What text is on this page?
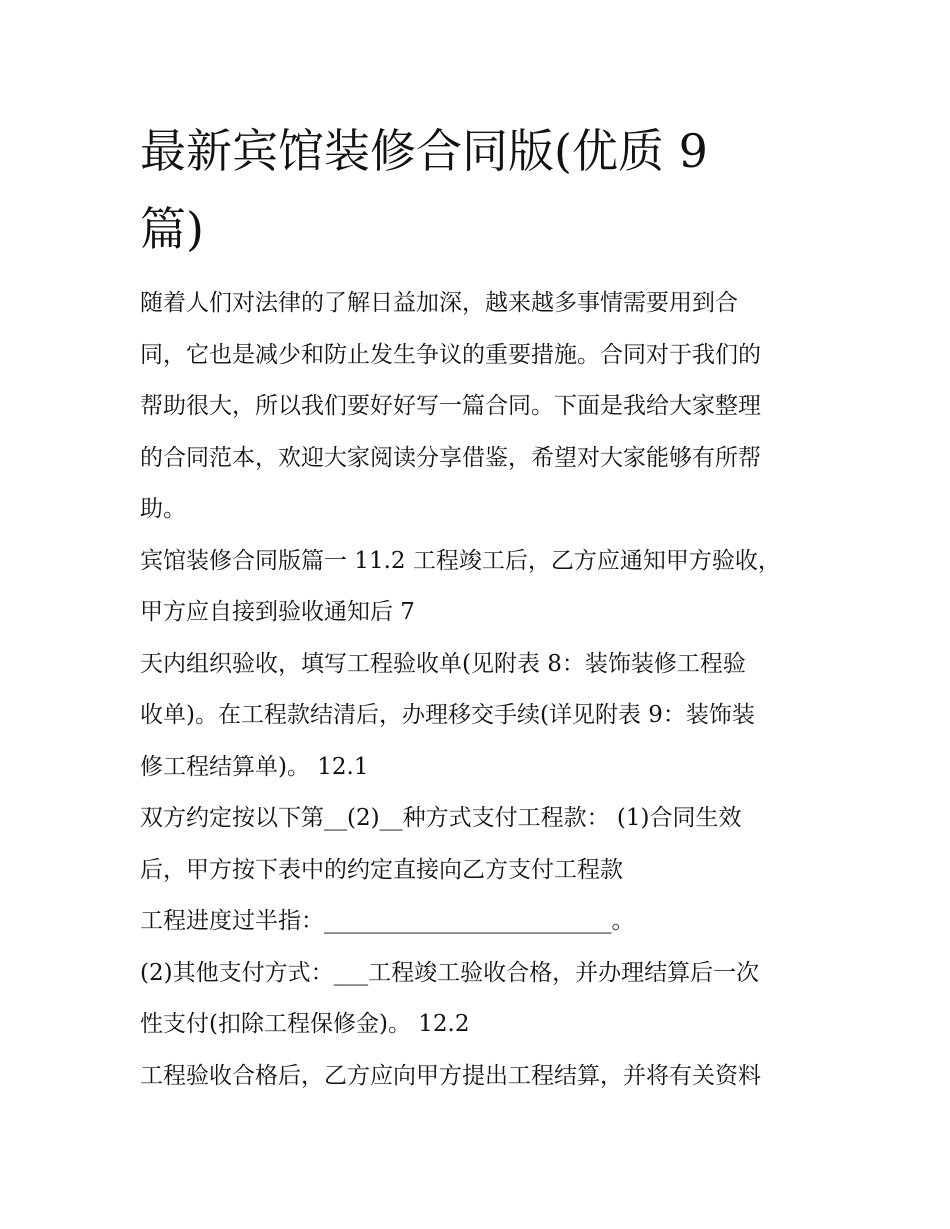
最新宾馆装修合同版(优质 9
篇)
随着人们对法律的了解日益加深，越来越多事情需要用到合
同，它也是减少和防止发生争议的重要措施。合同对于我们的
帮助很大，所以我们要好好写一篇合同。下面是我给大家整理
的合同范本，欢迎大家阅读分享借鉴，希望对大家能够有所帮
助。
宾馆装修合同版篇一 11.2 工程竣工后，乙方应通知甲方验收，
甲方应自接到验收通知后 7
天内组织验收，填写工程验收单(见附表 8：装饰装修工程验
收单)。在工程款结清后，办理移交手续(详见附表 9：装饰装
修工程结算单)。 12.1
双方约定按以下第__(2)__种方式支付工程款： (1)合同生效
后，甲方按下表中的约定直接向乙方支付工程款
工程进度过半指：_________________________。
(2)其他支付方式：___工程竣工验收合格，并办理结算后一次
性支付(扣除工程保修金)。 12.2
工程验收合格后，乙方应向甲方提出工程结算，并将有关资料
